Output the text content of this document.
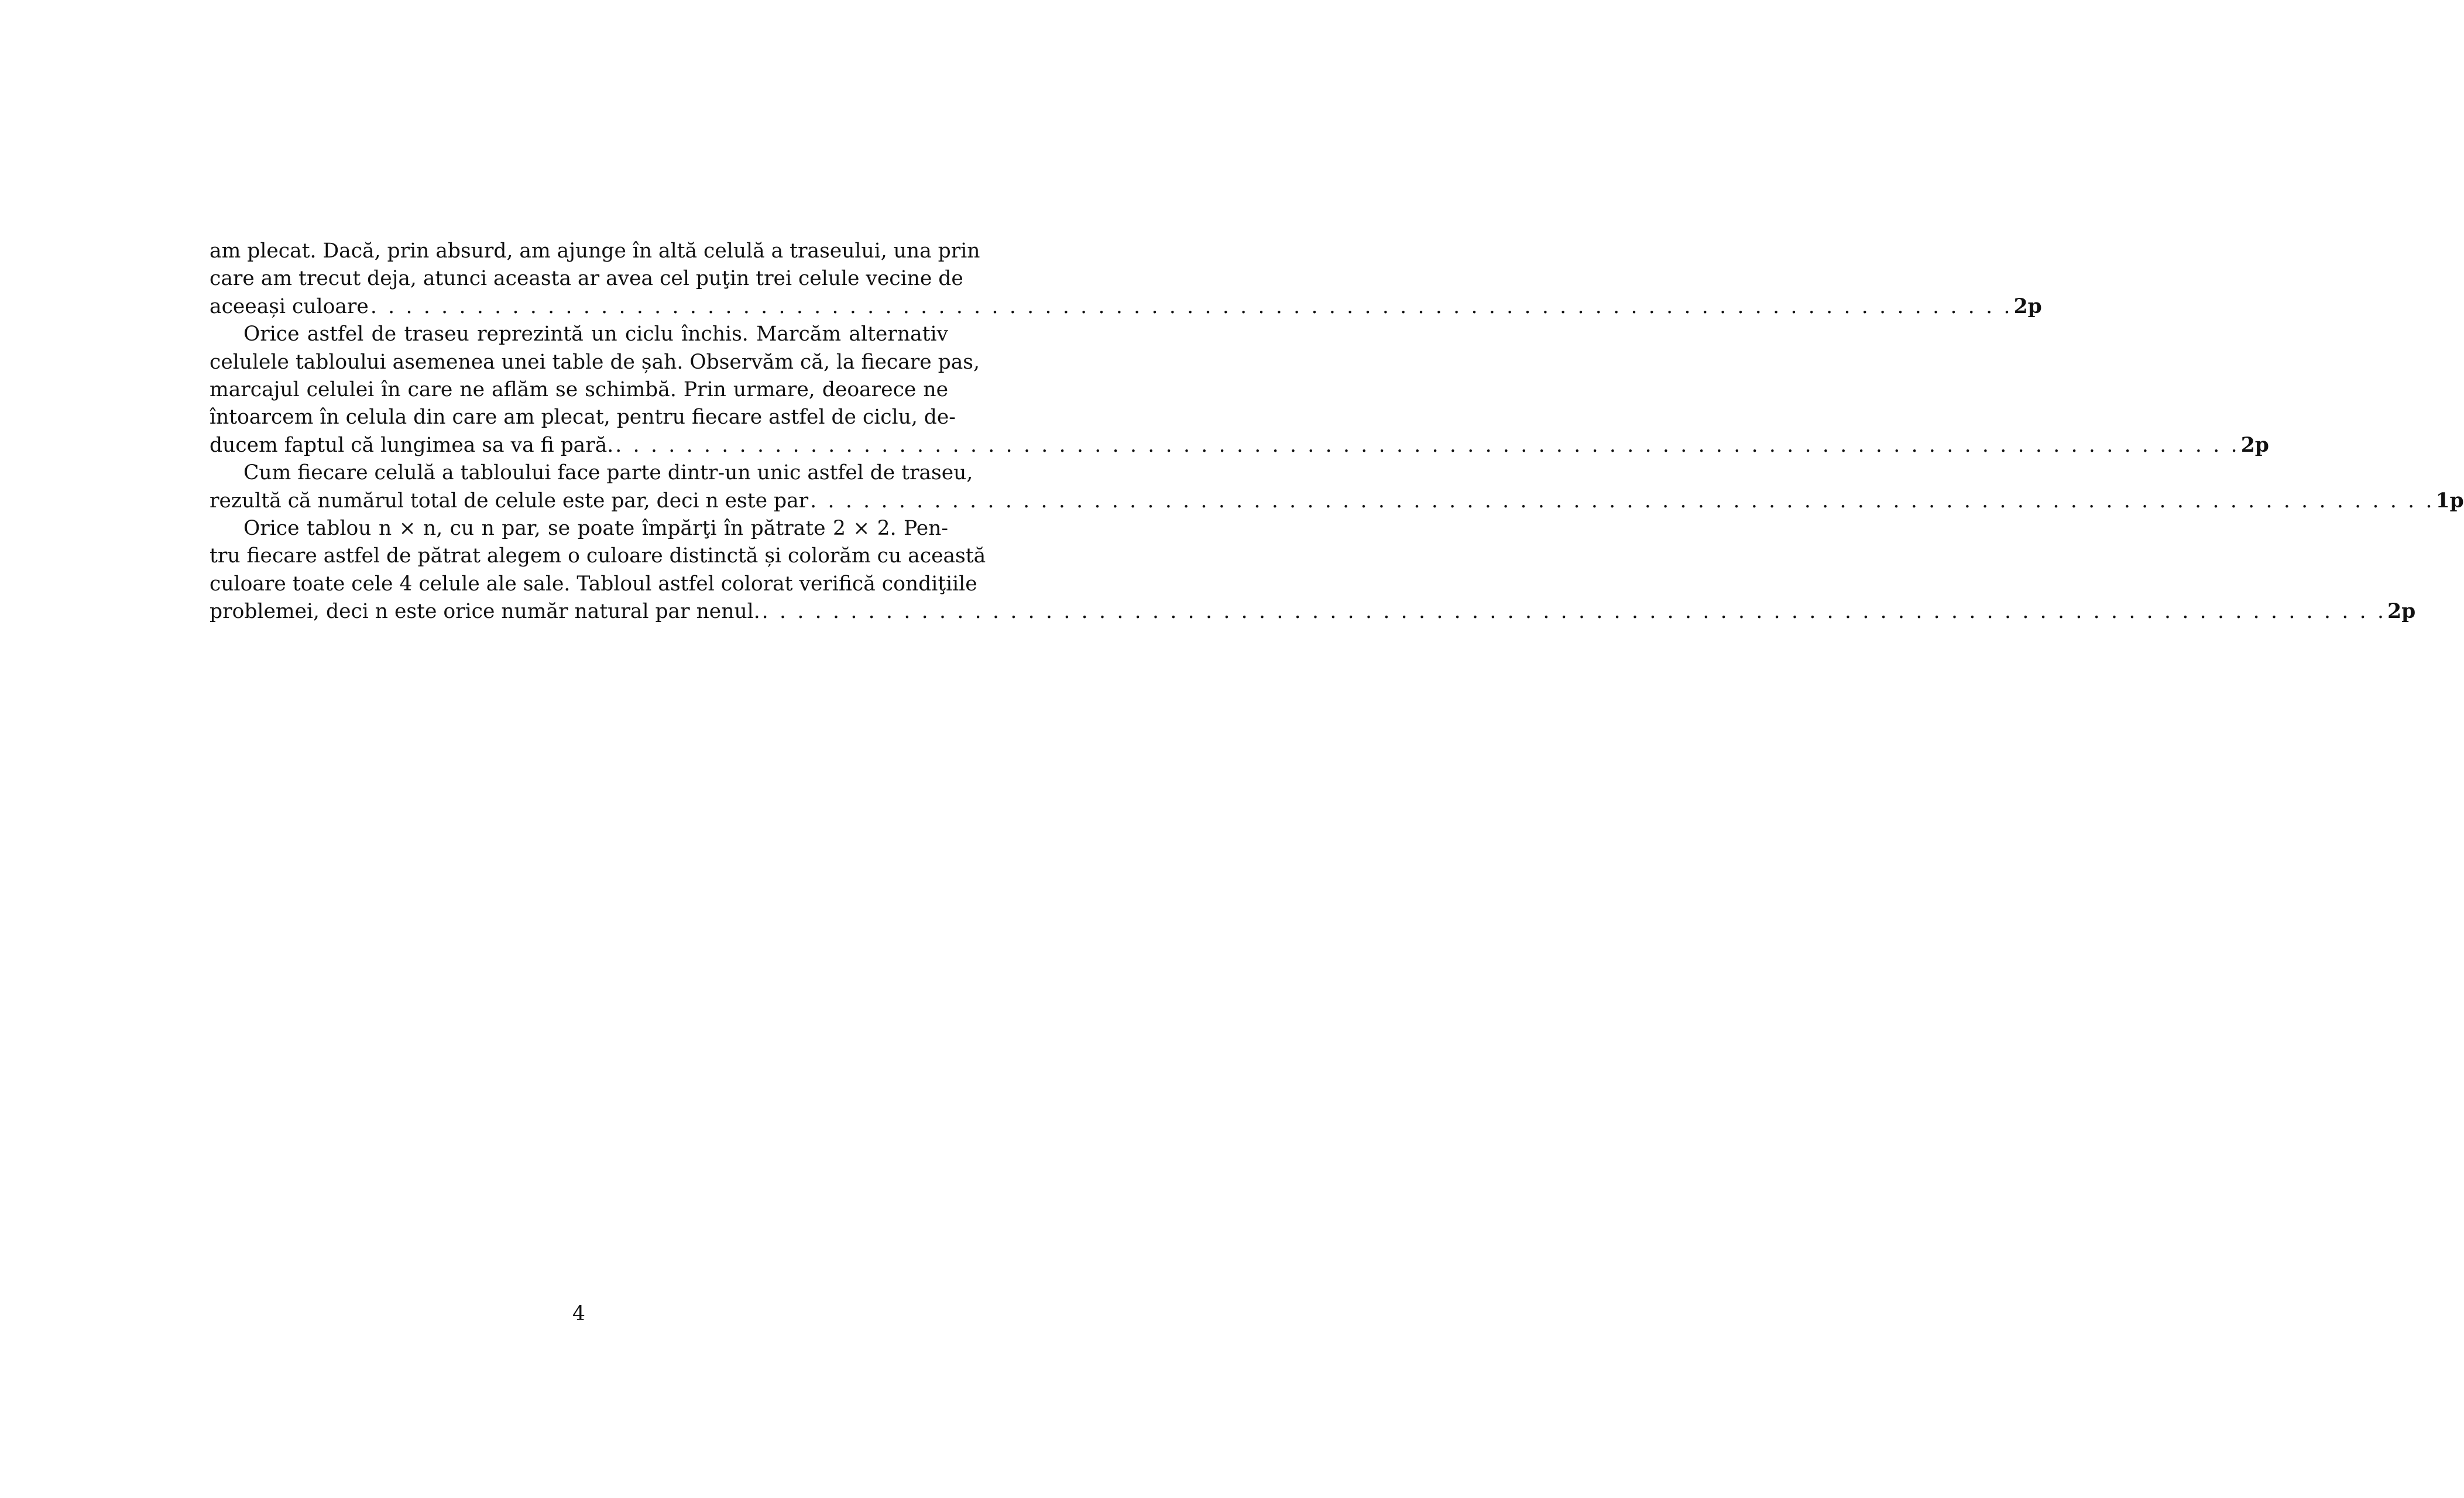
am plecat. Dacă, prin absurd, am ajunge în altă celulă a traseului, una prin
care am trecut deja, atunci aceasta ar avea cel puţin trei celule vecine de
aceeași culoare . . . . . . . . . . . . . . . . . . . . . . . . . . . . . . . . . . . . . . . . . . . . . . . . . . . . . . . . . . . . . . . . . . . . . . . . . . . . . . . . . . . . . . . . . . . . . 2p
Orice astfel de traseu reprezintă un ciclu închis. Marcăm alternativ
celulele tabloului asemenea unei table de șah. Observăm că, la fiecare pas,
marcajul celulei în care ne aflăm se schimbă. Prin urmare, deoarece ne
întoarcem în celula din care am plecat, pentru fiecare astfel de ciclu, de-
ducem faptul că lungimea sa va fi pară. . . . . . . . . . . . . . . . . . . . . . . . . . . . . . . . . . . . . . . . . . . . . . . . . . . . . . . . . . . . . . . . . . . . . . . . . . . . . . . . . . . . . . . . . . . . . 2p
Cum fiecare celulă a tabloului face parte dintr-un unic astfel de traseu,
rezultă că numărul total de celule este par, deci n este par . . . . . . . . . . . . . . . . . . . . . . . . . . . . . . . . . . . . . . . . . . . . . . . . . . . . . . . . . . . . . . . . . . . . . . . . . . . . . . . . . . . . . . . . . . . . 1p
Orice tablou n × n, cu n par, se poate împărţi în pătrate 2 × 2. Pen-
tru fiecare astfel de pătrat alegem o culoare distinctă și colorăm cu această
culoare toate cele 4 celule ale sale. Tabloul astfel colorat verifică condiţiile
problemei, deci n este orice număr natural par nenul. . . . . . . . . . . . . . . . . . . . . . . . . . . . . . . . . . . . . . . . . . . . . . . . . . . . . . . . . . . . . . . . . . . . . . . . . . . . . . . . . . . . . . . . . . . . . 2p
4
